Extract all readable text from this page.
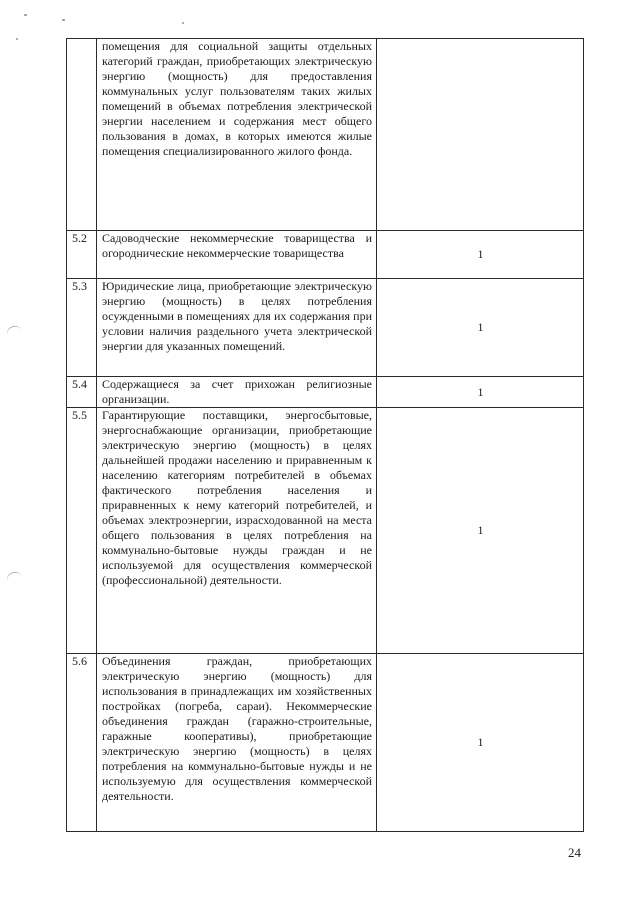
	помещения для социальной защиты отдельных категорий граждан, приобретающих электрическую энергию (мощность) для предоставления коммунальных услуг пользователям таких жилых помещений в объемах потребления электрической энергии населением и содержания мест общего пользования в домах, в которых имеются жилые помещения специализированного жилого фонда.	
5.2	Садоводческие некоммерческие товарищества и огороднические некоммерческие товарищества	1
5.3	Юридические лица, приобретающие электрическую энергию (мощность) в целях потребления осужденными в помещениях для их содержания при условии наличия раздельного учета электрической энергии для указанных помещений.	1
5.4	Содержащиеся за счет прихожан религиозные организации.	1
5.5	Гарантирующие поставщики, энергосбытовые, энергоснабжающие организации, приобретающие электрическую энергию (мощность) в целях дальнейшей продажи населению и приравненным к населению категориям потребителей в объемах фактического потребления населения и приравненных к нему категорий потребителей, и объемах электроэнергии, израсходованной на места общего пользования в целях потребления на коммунально-бытовые нужды граждан и не используемой для осуществления коммерческой (профессиональной) деятельности.	1
5.6	Объединения граждан, приобретающих электрическую энергию (мощность) для использования в принадлежащих им хозяйственных постройках (погреба, сараи). Некоммерческие объединения граждан (гаражно-строительные, гаражные кооперативы), приобретающие электрическую энергию (мощность) в целях потребления на коммунально-бытовые нужды и не используемую для осуществления коммерческой деятельности.	1
24
